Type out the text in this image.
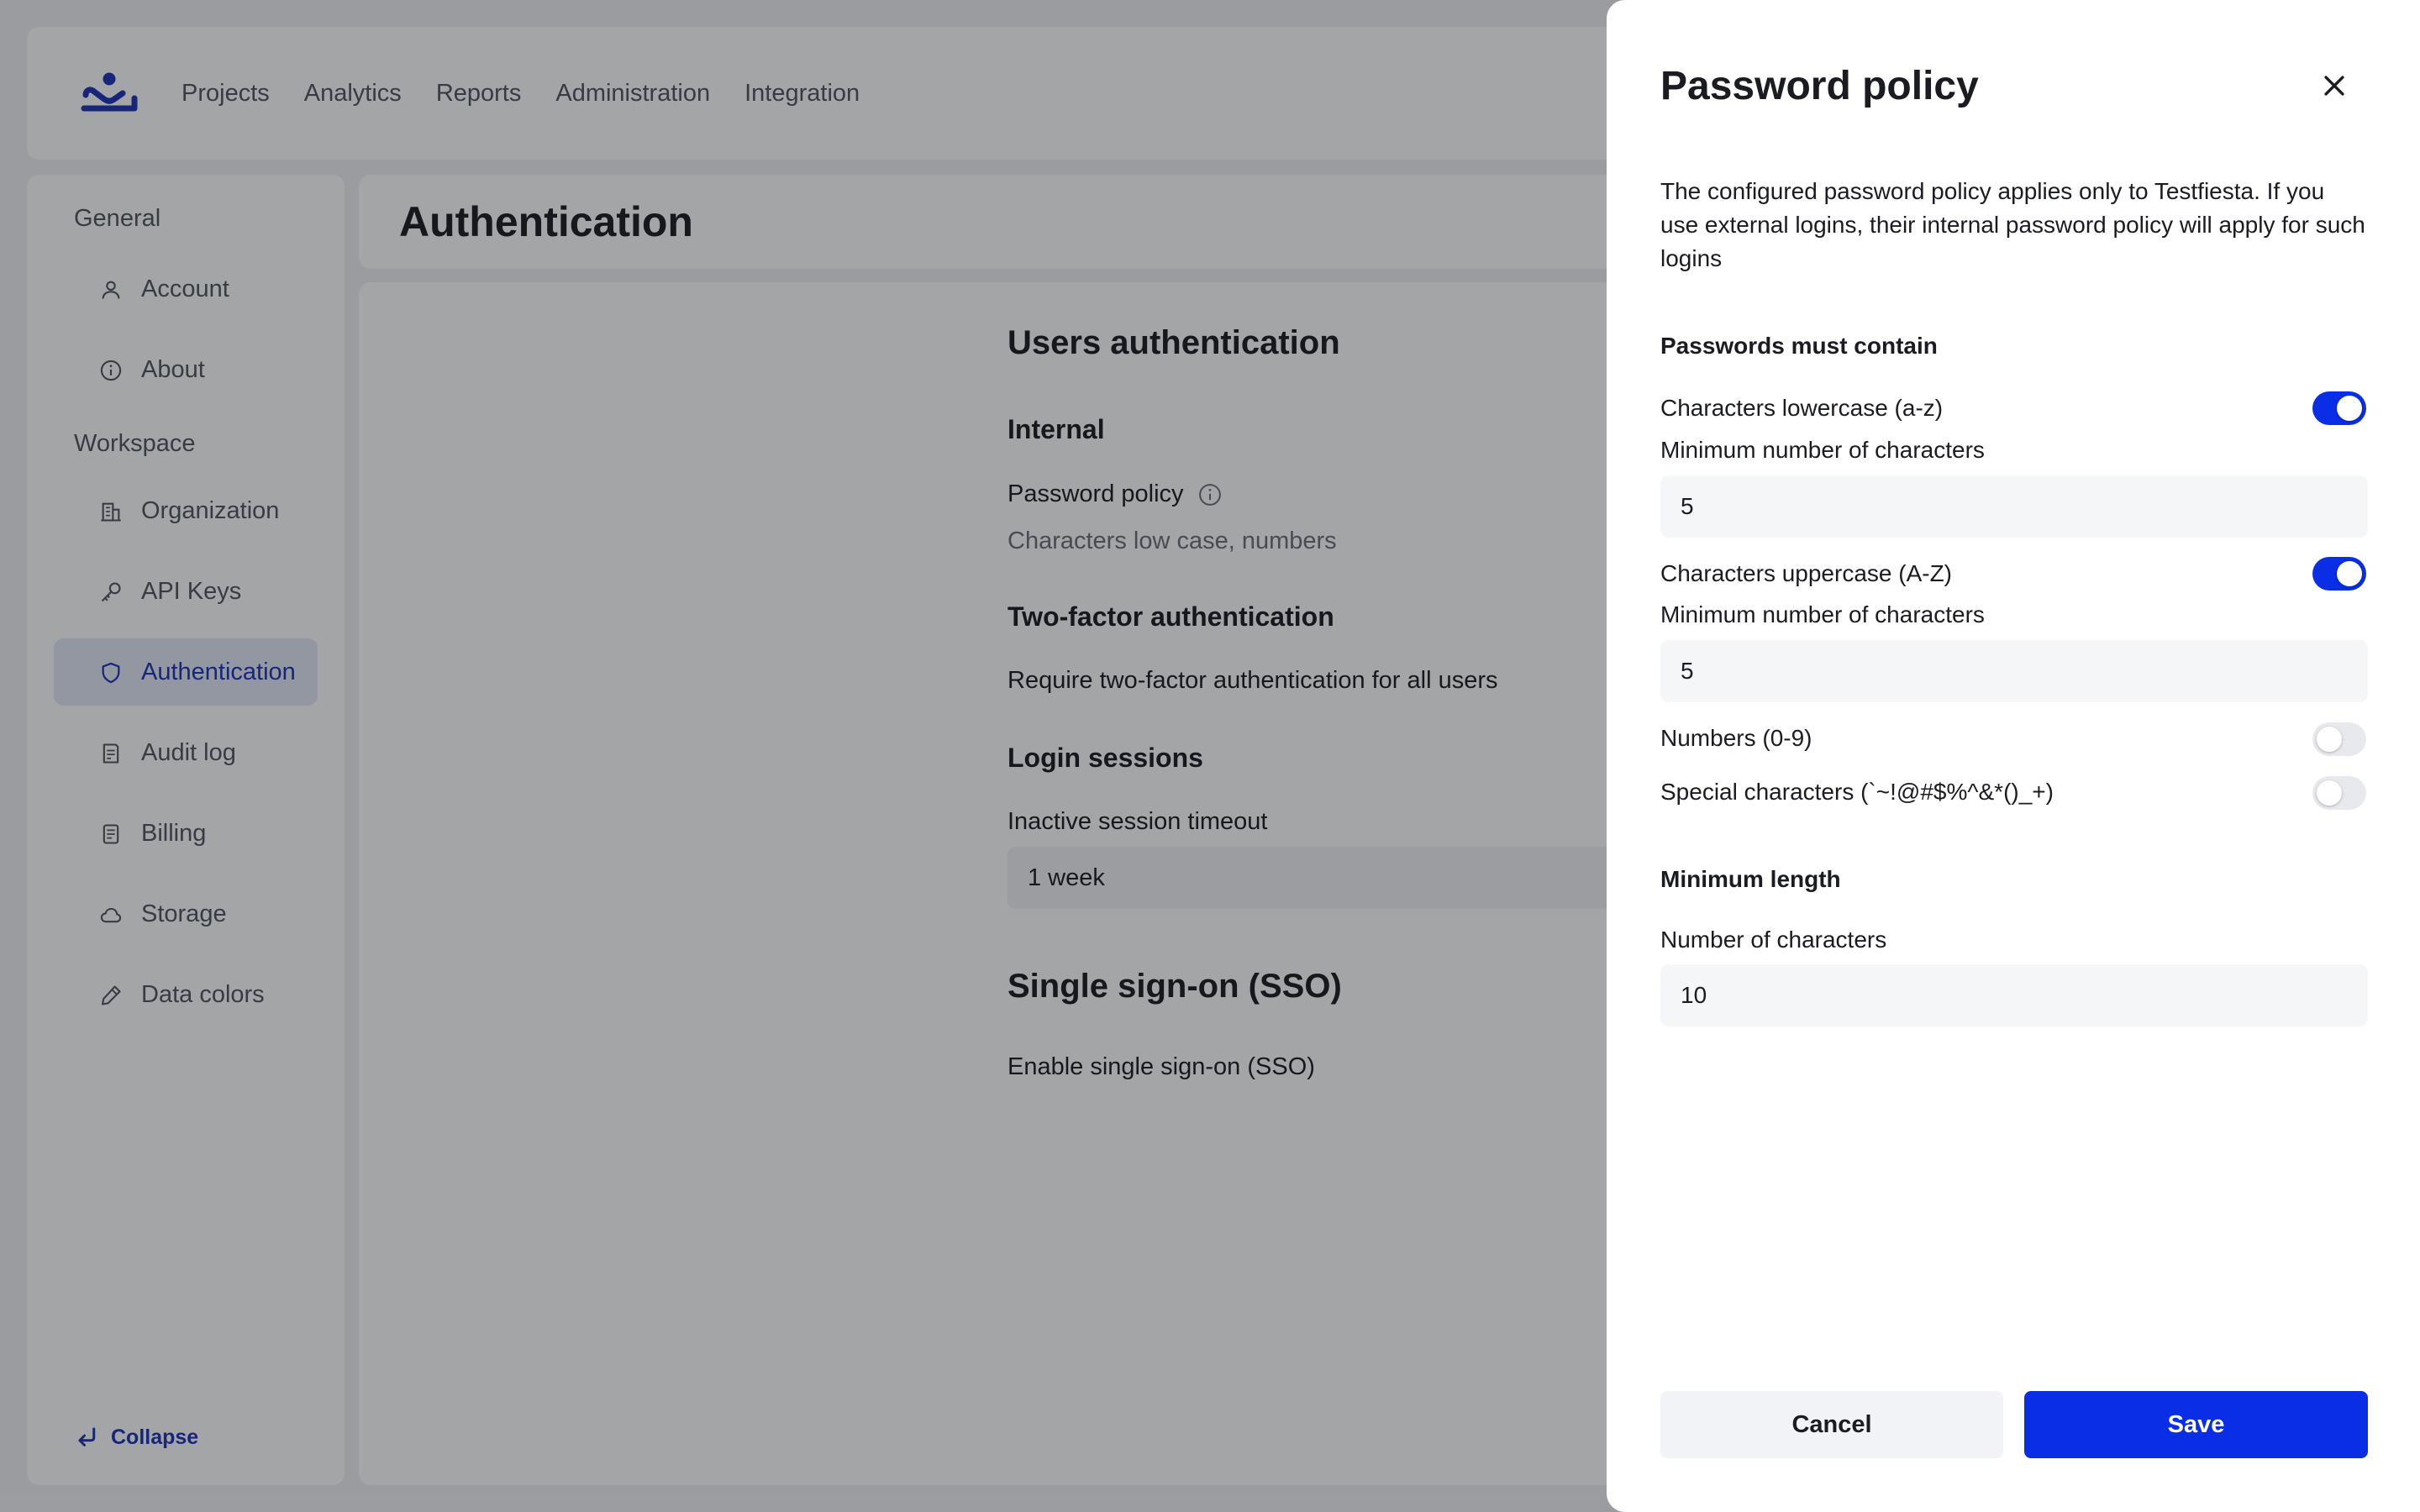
Projects Analytics Reports Administration Integration
General
Account
About
Workspace
Organization
API Keys
Authentication
Audit log
Billing
Storage
Data colors
Collapse
Authentication
Users authentication
Internal
Password policy
Characters low case, numbers
Two-factor authentication
Require two-factor authentication for all users
Login sessions
Inactive session timeout
1 week
Single sign-on (SSO)
Enable single sign-on (SSO)
Password policy
The configured password policy applies only to Testfiesta. If you use external logins, their internal password policy will apply for such logins
Passwords must contain
Characters lowercase (a-z)
Minimum number of characters
5
Characters uppercase (A-Z)
Minimum number of characters
5
Numbers (0-9)
Special characters (`~!@#$%^&*()_+)
Minimum length
Number of characters
10
Cancel	Save
